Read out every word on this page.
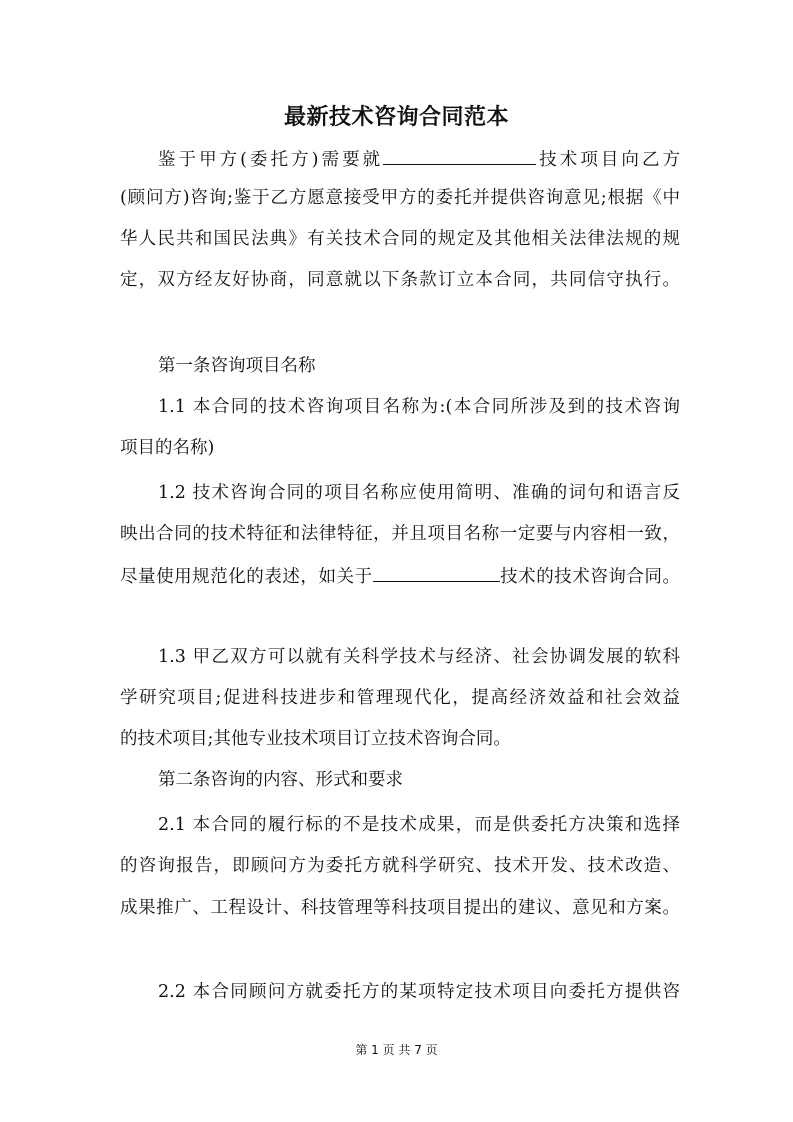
最新技术咨询合同范本
鉴于甲方(委托方)需要就	技术项目向乙方
(顾问方)咨询;鉴于乙方愿意接受甲方的委托并提供咨询意见;根据《中
华人民共和国民法典》有关技术合同的规定及其他相关法律法规的规
定，双方经友好协商，同意就以下条款订立本合同，共同信守执行。
第一条咨询项目名称
1.1 本合同的技术咨询项目名称为:(本合同所涉及到的技术咨询
项目的名称)
1.2 技术咨询合同的项目名称应使用简明、准确的词句和语言反
映出合同的技术特征和法律特征，并且项目名称一定要与内容相一致，
尽量使用规范化的表述，如关于	技术的技术咨询合同。
1.3 甲乙双方可以就有关科学技术与经济、社会协调发展的软科
学研究项目;促进科技进步和管理现代化，提高经济效益和社会效益
的技术项目;其他专业技术项目订立技术咨询合同。
第二条咨询的内容、形式和要求
2.1 本合同的履行标的不是技术成果，而是供委托方决策和选择
的咨询报告，即顾问方为委托方就科学研究、技术开发、技术改造、
成果推广、工程设计、科技管理等科技项目提出的建议、意见和方案。
2.2 本合同顾问方就委托方的某项特定技术项目向委托方提供咨
第 1 页 共 7 页
